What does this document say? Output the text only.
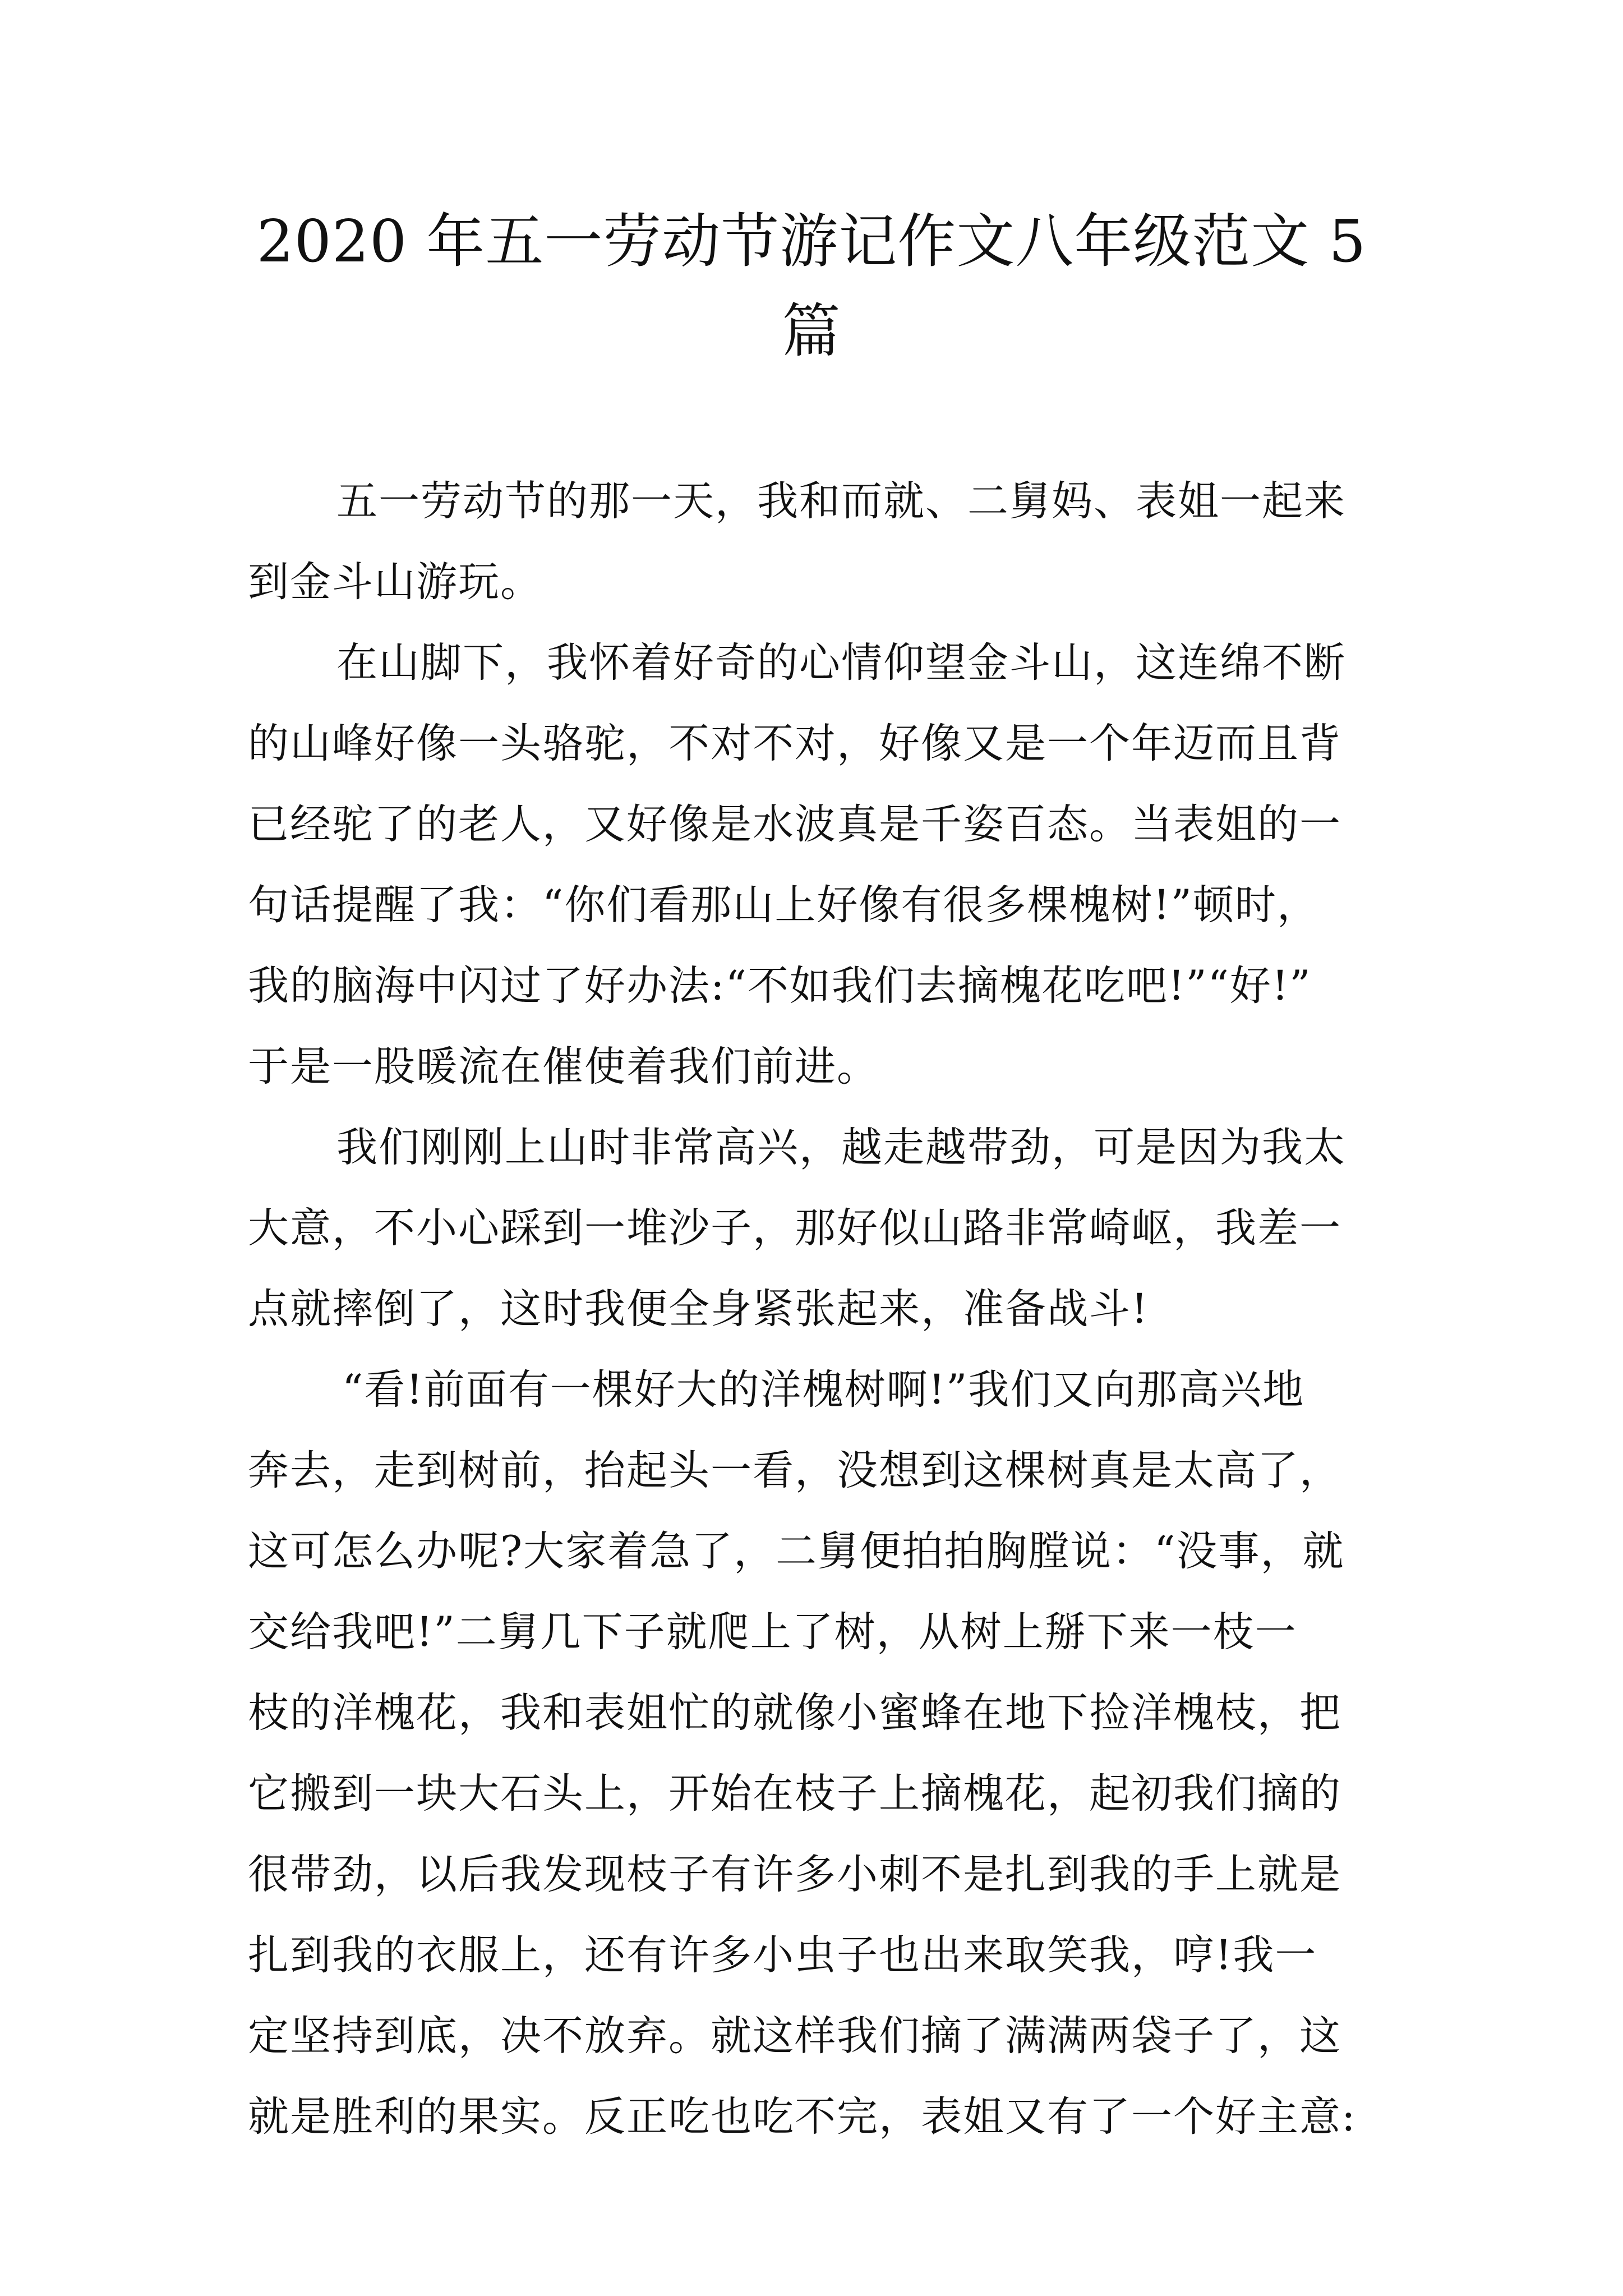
2020 年五一劳动节游记作文八年级范文 5
篇
五一劳动节的那一天，我和而就、二舅妈、表姐一起来
到金斗山游玩。
在山脚下，我怀着好奇的心情仰望金斗山，这连绵不断
的山峰好像一头骆驼，不对不对，好像又是一个年迈而且背
已经驼了的老人，又好像是水波真是千姿百态。当表姐的一
句话提醒了我：“你们看那山上好像有很多棵槐树!”顿时，
我的脑海中闪过了好办法:“不如我们去摘槐花吃吧!”“好!”
于是一股暖流在催使着我们前进。
我们刚刚上山时非常高兴，越走越带劲，可是因为我太
大意，不小心踩到一堆沙子，那好似山路非常崎岖，我差一
点就摔倒了，这时我便全身紧张起来，准备战斗!
“看!前面有一棵好大的洋槐树啊!”我们又向那高兴地
奔去，走到树前，抬起头一看，没想到这棵树真是太高了，
这可怎么办呢?大家着急了，二舅便拍拍胸膛说：“没事，就
交给我吧!”二舅几下子就爬上了树，从树上掰下来一枝一
枝的洋槐花，我和表姐忙的就像小蜜蜂在地下捡洋槐枝，把
它搬到一块大石头上，开始在枝子上摘槐花，起初我们摘的
很带劲，以后我发现枝子有许多小刺不是扎到我的手上就是
扎到我的衣服上，还有许多小虫子也出来取笑我，哼!我一
定坚持到底，决不放弃。就这样我们摘了满满两袋子了，这
就是胜利的果实。反正吃也吃不完，表姐又有了一个好主意:
